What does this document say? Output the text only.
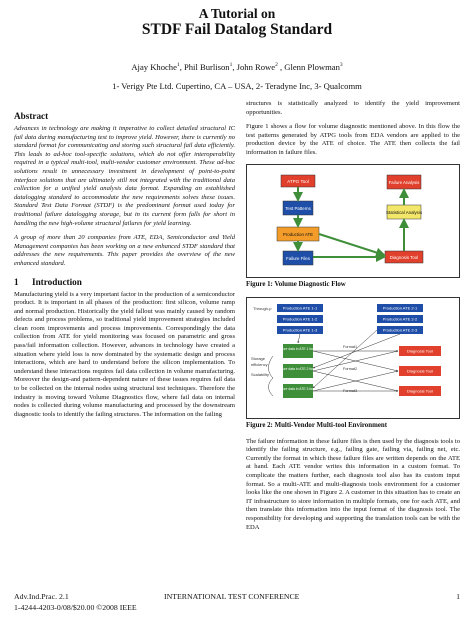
A Tutorial on
STDF Fail Datalog Standard
Ajay Khoche$^1$, Phil Burlison$^1$, John Rowe$^2$ , Glenn Plowman$^3$
1- Verigy Pte Ltd. Cupertino, CA – USA, 2- Teradyne Inc, 3- Qualcomm
Abstract

Advances in technology are making it imperative to collect detailed structural IC fail data during manufacturing test to improve yield. However, there is currently no standard format for communicating and storing such structural fail data efficiently. This leads to ad-hoc tool-specific solutions, which do not offer interoperability required in a typical multi-tool, multi-vendor customer environment. These ad-hoc solutions result in unnecessary investment in development of point-to-point interface solutions that are ultimately still not integrated with the traditional data collection for a unified yield analysis data format. Expanding an established datalogging standard to accommodate the new requirements solves these issues. Standard Test Data Format (STDF) is the predominant format used today for traditional failure datalogging storage, but in its current form falls for short in handling the new high-volume structural failures for yield learning.

A group of more than 20 companies from ATE, EDA, Semiconductor and Yield Management companies has been working on a new enhanced STDF standard that addresses the new requirements. This paper provides the overview of the new enhanced standard.

1 Introduction

Manufacturing yield is a very important factor in the production of a semiconductor product. It is important in all phases of the production: first silicon, volume ramp and normal production. Historically the yield fallout was mainly caused by random defects and process problems, so traditional yield improvement strategies included clean room improvements and process improvements. Correspondingly the data collection from ATE for yield monitoring was focused on parametric and gross pass/fail information collection. However, advances in technology have created a situation where yield loss is now dominated by the systematic design and process interactions, which are hard to understand before the silicon implementation. To understand these interactions requires fail data collection in volume manufacturing. Moreover the design-and pattern-dependent nature of these issues requires fail data to be collected on the internal nodes using structural test techniques. Therefore the industry is moving toward Volume Diagnostics flow, where fail data on internal nodes is collected during volume manufacturing and processed by the downstream diagnostic tools to identify the failing structures. The information on the failing

structures is statistically analyzed to identify the yield improvement opportunities.

Figure 1 shows a flow for volume diagnostic mentioned above. In this flow the test patterns generated by ATPG tools from EDA vendors are applied to the production device by the ATE of choice. The ATE then collects the fail information in failure files.

ATPG Tool	Failure Analysis
Test Patterns
Statistical Analysis
Production ATE
Failure Files	Diagnosis Tool
Figure 1: Volume Diagnostic Flow
Through-p
Storage
efficiency
Scalability
Production ATE 1-1
Production ATE 1-2
Production ATE 1-3
Production ATE 2-1
Production ATE 2-2
Production ATE 2-3
Failure data in ATE 1 format
Failure data in ATE 2 format
Failure data in ATE 3 format
Format1
Format2
Format3
Diagnosis Tool
Diagnosis Tool
Diagnosis Tool
Figure 2: Multi-Vendor Multi-tool Environment

The failure information in these failure files is then used by the diagnosis tools to identify the failing structure, e.g., failing gate, failing via, failing net, etc. Currently the format in which these failure files are written depends on the ATE at hand. Each ATE vendor writes this information in a custom format. To complicate the matters further, each diagnosis tool also has its custom input format. So a multi-ATE and multi-diagnosis tools environment for a customer looks like the one shown in Figure 2. A customer in this situation has to create an IT infrastructure to store information in multiple formats, one for each ATE, and then translate this information into the input format of the diagnosis tool. The responsibility for developing and supporting the translation tools can be with the EDA

Adv.Ind.Prac. 2.1	INTERNATIONAL TEST CONFERENCE	1
1-4244-4203-0/08/$20.00 ©2008 IEEE
